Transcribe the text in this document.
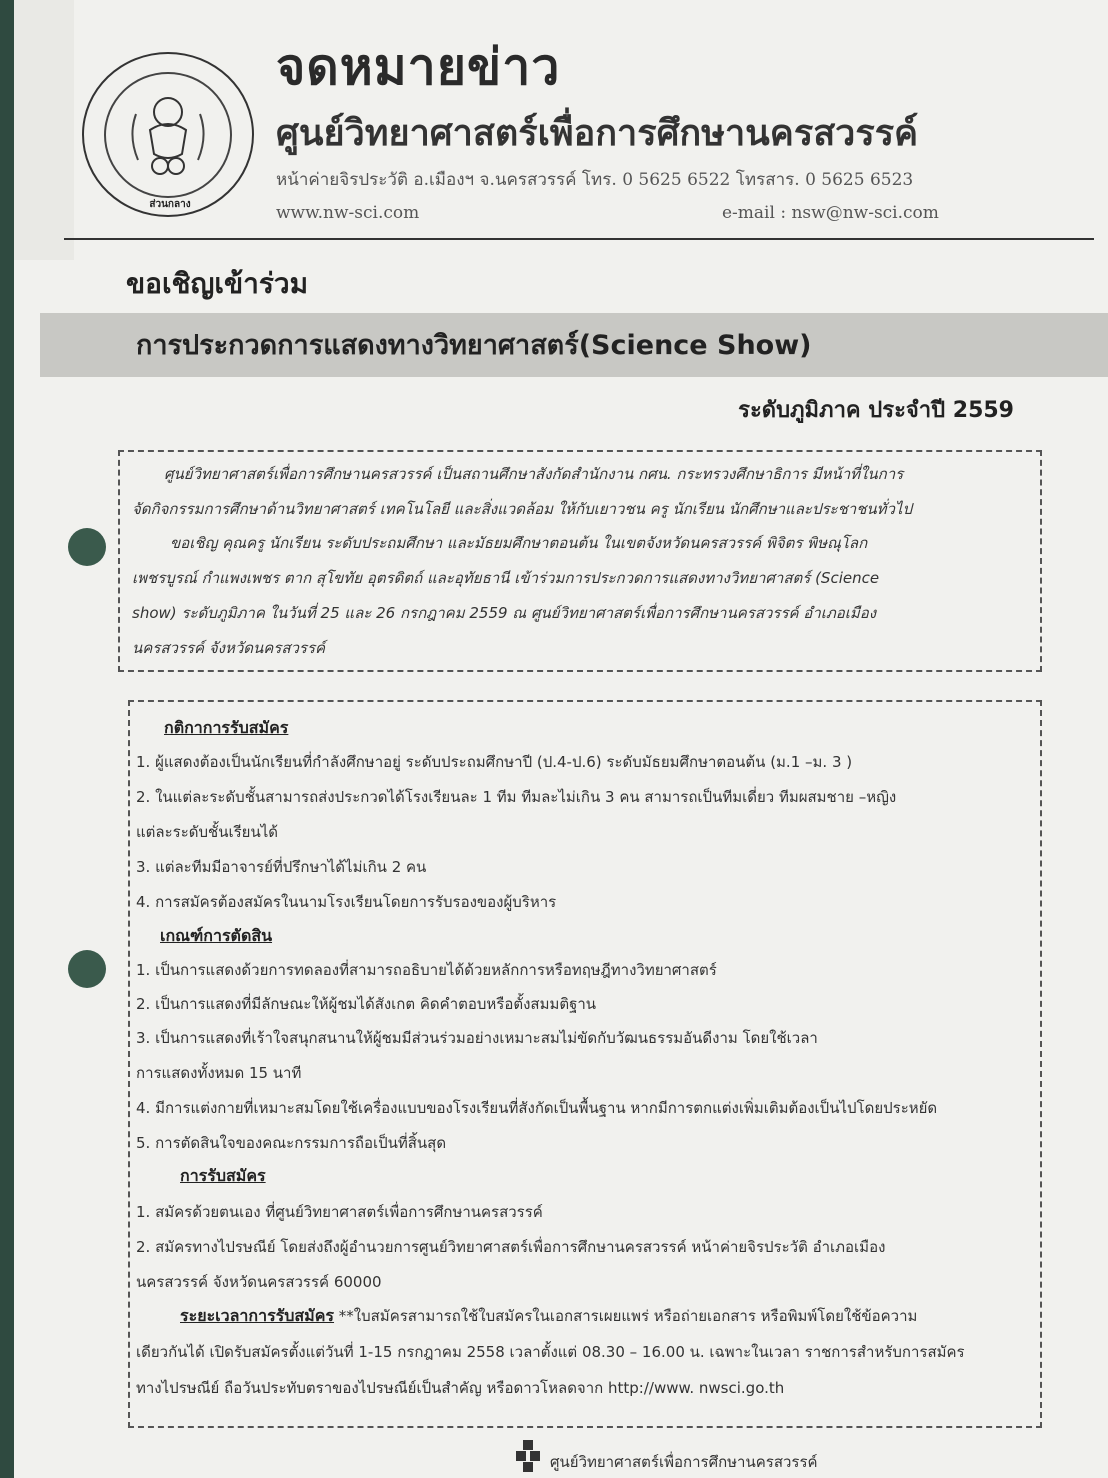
ส่วนกลาง
จดหมายข่าว
ศูนย์วิทยาศาสตร์เพื่อการศึกษานครสวรรค์
หน้าค่ายจิรประวัติ อ.เมืองฯ จ.นครสวรรค์ โทร. 0 5625 6522 โทรสาร. 0 5625 6523
www.nw-sci.com	e-mail : nsw@nw-sci.com
ขอเชิญเข้าร่วม
การประกวดการแสดงทางวิทยาศาสตร์(Science Show)
ระดับภูมิภาค ประจำปี 2559
ศูนย์วิทยาศาสตร์เพื่อการศึกษานครสวรรค์ เป็นสถานศึกษาสังกัดสำนักงาน กศน. กระทรวงศึกษาธิการ มีหน้าที่ในการ
จัดกิจกรรมการศึกษาด้านวิทยาศาสตร์ เทคโนโลยี และสิ่งแวดล้อม ให้กับเยาวชน ครู นักเรียน นักศึกษาและประชาชนทั่วไป
ขอเชิญ คุณครู นักเรียน ระดับประถมศึกษา และมัธยมศึกษาตอนต้น ในเขตจังหวัดนครสวรรค์ พิจิตร พิษณุโลก
เพชรบูรณ์ กำแพงเพชร ตาก สุโขทัย อุตรดิตถ์ และอุทัยธานี เข้าร่วมการประกวดการแสดงทางวิทยาศาสตร์ (Science
show) ระดับภูมิภาค ในวันที่ 25 และ 26 กรกฎาคม 2559 ณ ศูนย์วิทยาศาสตร์เพื่อการศึกษานครสวรรค์ อำเภอเมือง
นครสวรรค์ จังหวัดนครสวรรค์
กติกาการรับสมัคร
1. ผู้แสดงต้องเป็นนักเรียนที่กำลังศึกษาอยู่ ระดับประถมศึกษาปี (ป.4-ป.6) ระดับมัธยมศึกษาตอนต้น (ม.1 –ม. 3 )
2. ในแต่ละระดับชั้นสามารถส่งประกวดได้โรงเรียนละ 1 ทีม ทีมละไม่เกิน 3 คน สามารถเป็นทีมเดี่ยว ทีมผสมชาย –หญิง
แต่ละระดับชั้นเรียนได้
3. แต่ละทีมมีอาจารย์ที่ปรึกษาได้ไม่เกิน 2 คน
4. การสมัครต้องสมัครในนามโรงเรียนโดยการรับรองของผู้บริหาร
เกณฑ์การตัดสิน
1. เป็นการแสดงด้วยการทดลองที่สามารถอธิบายได้ด้วยหลักการหรือทฤษฎีทางวิทยาศาสตร์
2. เป็นการแสดงที่มีลักษณะให้ผู้ชมได้สังเกต คิดคำตอบหรือตั้งสมมติฐาน
3. เป็นการแสดงที่เร้าใจสนุกสนานให้ผู้ชมมีส่วนร่วมอย่างเหมาะสมไม่ขัดกับวัฒนธรรมอันดีงาม โดยใช้เวลา
การแสดงทั้งหมด 15 นาที
4. มีการแต่งกายที่เหมาะสมโดยใช้เครื่องแบบของโรงเรียนที่สังกัดเป็นพื้นฐาน หากมีการตกแต่งเพิ่มเติมต้องเป็นไปโดยประหยัด
5. การตัดสินใจของคณะกรรมการถือเป็นที่สิ้นสุด
การรับสมัคร
1. สมัครด้วยตนเอง ที่ศูนย์วิทยาศาสตร์เพื่อการศึกษานครสวรรค์
2. สมัครทางไปรษณีย์ โดยส่งถึงผู้อำนวยการศูนย์วิทยาศาสตร์เพื่อการศึกษานครสวรรค์ หน้าค่ายจิรประวัติ อำเภอเมือง
นครสวรรค์ จังหวัดนครสวรรค์ 60000
ระยะเวลาการรับสมัคร **ใบสมัครสามารถใช้ใบสมัครในเอกสารเผยแพร่ หรือถ่ายเอกสาร หรือพิมพ์โดยใช้ข้อความ
เดียวกันได้ เปิดรับสมัครตั้งแต่วันที่ 1-15 กรกฎาคม 2558 เวลาตั้งแต่ 08.30 – 16.00 น. เฉพาะในเวลา ราชการสำหรับการสมัคร
ทางไปรษณีย์ ถือวันประทับตราของไปรษณีย์เป็นสำคัญ หรือดาวโหลดจาก http://www. nwsci.go.th
ศูนย์วิทยาศาสตร์เพื่อการศึกษานครสวรรค์
